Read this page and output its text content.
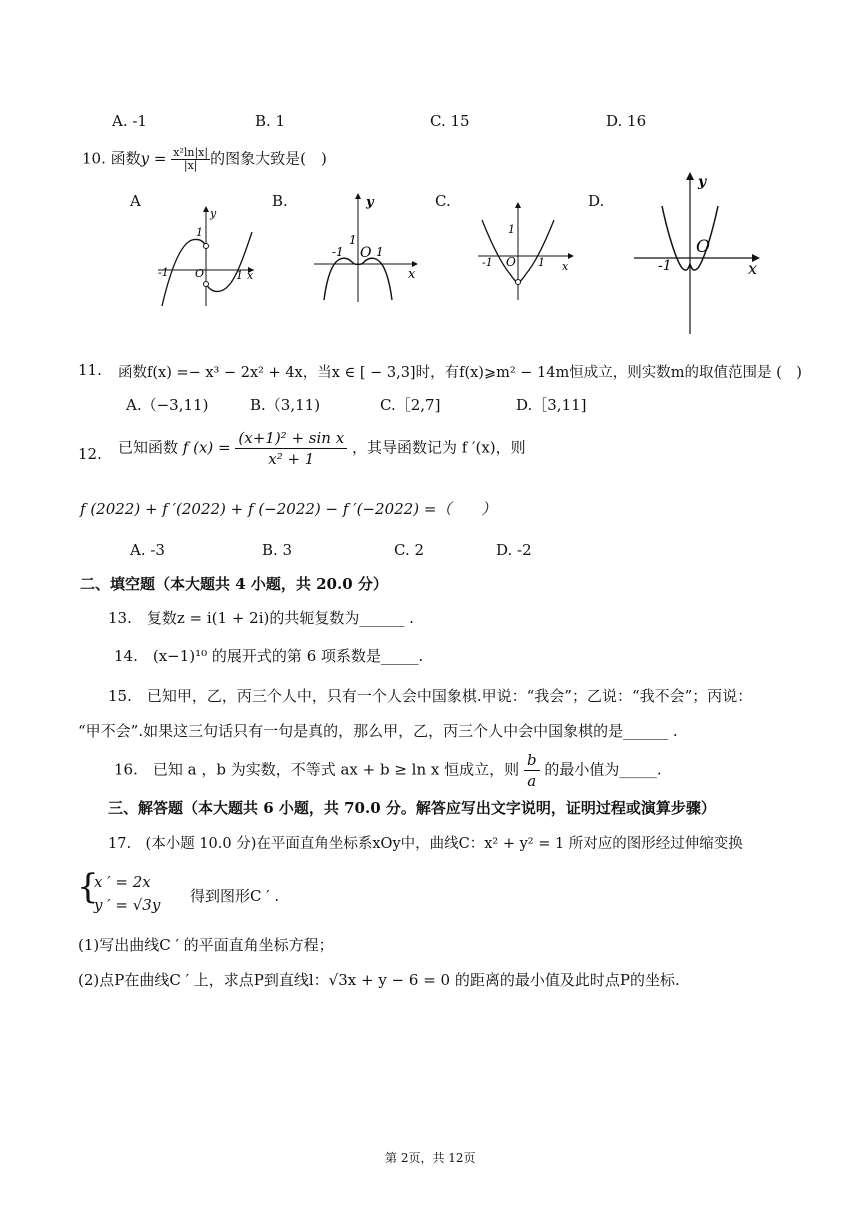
A. -1	B. 1	C. 15	D. 16
10. 函数$y = \frac{\text{x²ln|x|}}{|x|}$ 的图象大致是(　)
A	B.	C.	D.
y
1
-1 O	1 x
y
1
-1 O 1
x
1
-1 O 1 x
y
-1
O
x
11. 函数f(x) =− x³ − 2x² + 4x，当x ∈ [ − 3,3]时，有f(x)⩾m² − 14m恒成立，则实数m的取值范围是 (　)
A.（−3,11)	B.（3,11)	C.［2,7]	D.［3,11]
12. 已知函数 f $(x) = \frac{\text{(x+1)² + sin x}}{\text{x² + 1}}$ ，其导函数记为 f ′(x)，则
f (2022) + f ′(2022) + f (−2022) − f ′(−2022) =（　　）
A. -3	B. 3	C. 2	D. -2
二、填空题（本大题共 4 小题，共 20.0 分）
13.　复数z = i(1 + 2i)的共轭复数为______ .
14.　(x−1)¹⁰ 的展开式的第 6 项系数是_____.
15.　已知甲，乙，丙三个人中，只有一个人会中国象棋.甲说：“我会”；乙说：“我不会”；丙说：
“甲不会”.如果这三句话只有一句是真的，那么甲，乙，丙三个人中会中国象棋的是______ .
16.　已知 a ，b 为实数，不等式 ax + b ≥ ln x 恒成立，则 $\frac{b}{a}$ 的最小值为_____.
三、解答题（本大题共 6 小题，共 70.0 分。解答应写出文字说明，证明过程或演算步骤）
17.　(本小题 10.0 分)在平面直角坐标系xOy中，曲线C：x² + y² = 1 所对应的图形经过伸缩变换
{
x ′ = 2x
y ′ = √3y 得到图形C ′ .
(1)写出曲线C ′ 的平面直角坐标方程；
(2)点P在曲线C ′ 上，求点P到直线l：√3x + y − 6 = 0 的距离的最小值及此时点P的坐标.
第 2页，共 12页
